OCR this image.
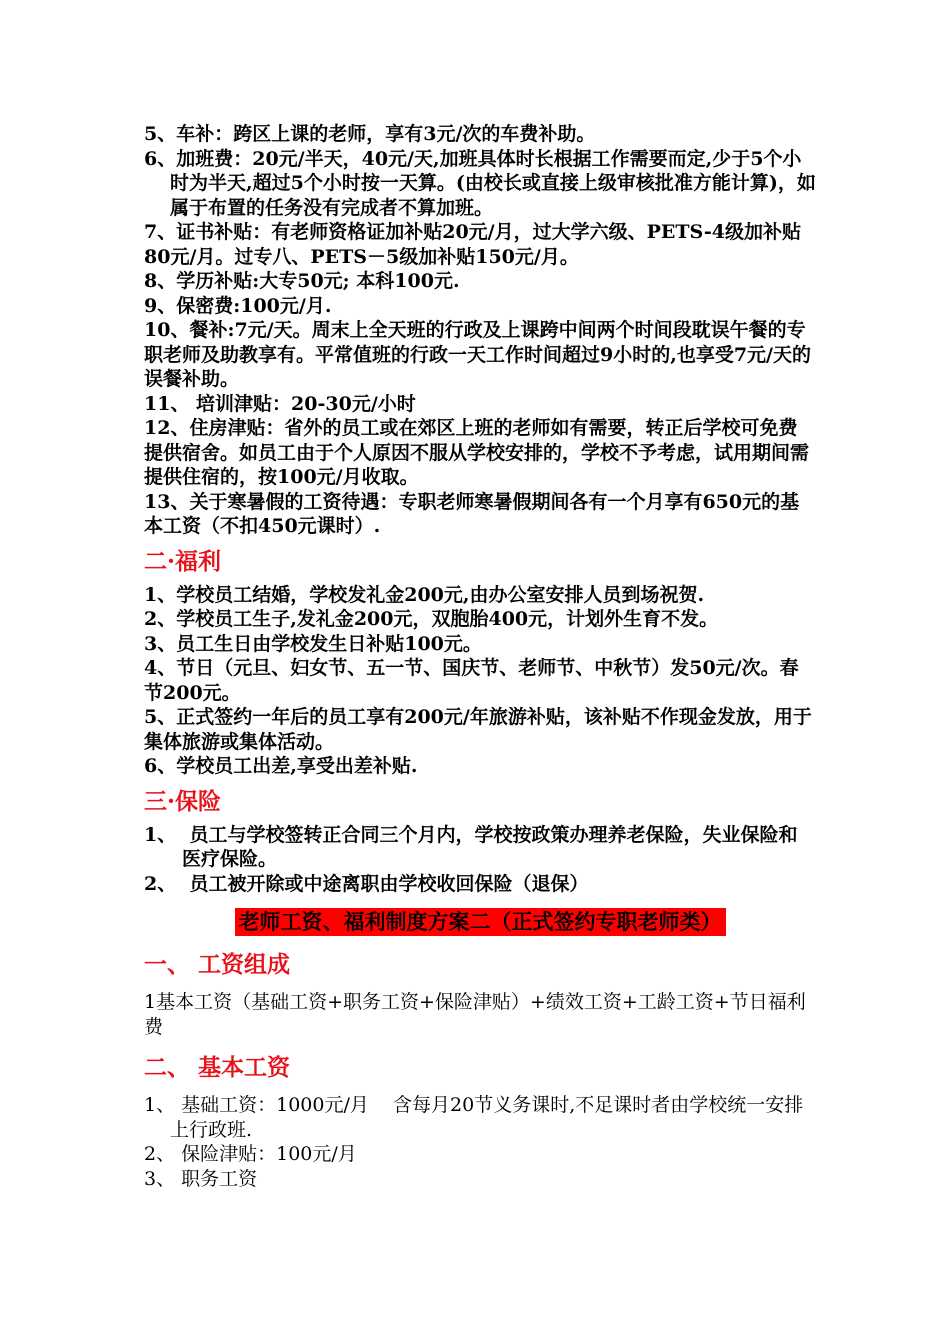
5、车补：跨区上课的老师，享有3元/次的车费补助。

6、加班费：20元/半天，40元/天,加班具体时长根据工作需要而定,少于5个小时为半天,超过5个小时按一天算。(由校长或直接上级审核批准方能计算)，如属于布置的任务没有完成者不算加班。

7、证书补贴：有老师资格证加补贴20元/月，过大学六级、PETS-4级加补贴80元/月。过专八、PETS－5级加补贴150元/月。

8、学历补贴:大专50元; 本科100元.

9、保密费:100元/月.

10、餐补:7元/天。周末上全天班的行政及上课跨中间两个时间段耽误午餐的专职老师及助教享有。平常值班的行政一天工作时间超过9小时的,也享受7元/天的误餐补助。

11、 培训津贴：20-30元/小时

12、住房津贴：省外的员工或在郊区上班的老师如有需要，转正后学校可免费提供宿舍。如员工由于个人原因不服从学校安排的，学校不予考虑，试用期间需提供住宿的，按100元/月收取。

13、关于寒暑假的工资待遇：专职老师寒暑假期间各有一个月享有650元的基本工资（不扣450元课时）.

二·福利

1、学校员工结婚，学校发礼金200元,由办公室安排人员到场祝贺.

2、学校员工生子,发礼金200元，双胞胎400元，计划外生育不发。

3、员工生日由学校发生日补贴100元。

4、节日（元旦、妇女节、五一节、国庆节、老师节、中秋节）发50元/次。春节200元。

5、正式签约一年后的员工享有200元/年旅游补贴，该补贴不作现金发放，用于集体旅游或集体活动。

6、学校员工出差,享受出差补贴.

三·保险

1、  员工与学校签转正合同三个月内，学校按政策办理养老保险，失业保险和医疗保险。

2、  员工被开除或中途离职由学校收回保险（退保）

老师工资、福利制度方案二（正式签约专职老师类）
一、 工资组成

1基本工资（基础工资+职务工资+保险津贴）+绩效工资+工龄工资+节日福利费

二、 基本工资

1、 基础工资：1000元/月    含每月20节义务课时,不足课时者由学校统一安排上行政班.

2、 保险津贴：100元/月

3、 职务工资
